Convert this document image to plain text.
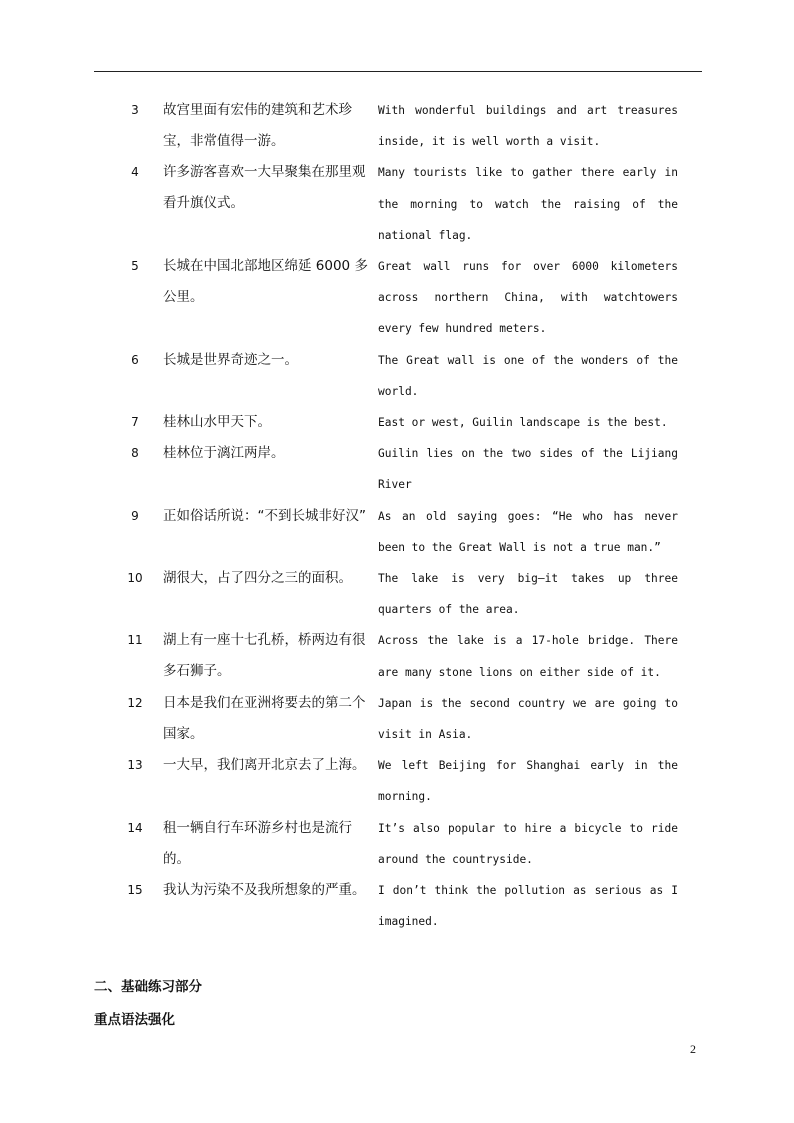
3	故宫里面有宏伟的建筑和艺术珍宝，非常值得一游。
With wonderful buildings and art treasures inside, it is well worth a visit.
4	许多游客喜欢一大早聚集在那里观看升旗仪式。
Many tourists like to gather there early in the morning to watch the raising of the national flag.
5	长城在中国北部地区绵延 6000 多公里。
Great wall runs for over 6000 kilometers across northern China, with watchtowers every few hundred meters.
6	长城是世界奇迹之一。	The Great wall is one of the wonders of the world.
7	桂林山水甲天下。	East or west, Guilin landscape is the best.
8	桂林位于漓江两岸。	Guilin lies on the two sides of the Lijiang River
9	正如俗话所说：“不到长城非好汉” As an old saying goes: “He who has never been to the Great Wall is not a true man.”
10	湖很大，占了四分之三的面积。	The lake is very big—it takes up three quarters of the area.
11	湖上有一座十七孔桥，桥两边有很多石狮子。
Across the lake is a 17-hole bridge. There are many stone lions on either side of it.
12	日本是我们在亚洲将要去的第二个国家。
Japan is the second country we are going to visit in Asia.
13	一大早，我们离开北京去了上海。	We left Beijing for Shanghai early in the morning.
14	租一辆自行车环游乡村也是流行的。
It’s also popular to hire a bicycle to ride around the countryside.
15	我认为污染不及我所想象的严重。	I don’t think the pollution as serious as I imagined.
二、基础练习部分
重点语法强化
2
